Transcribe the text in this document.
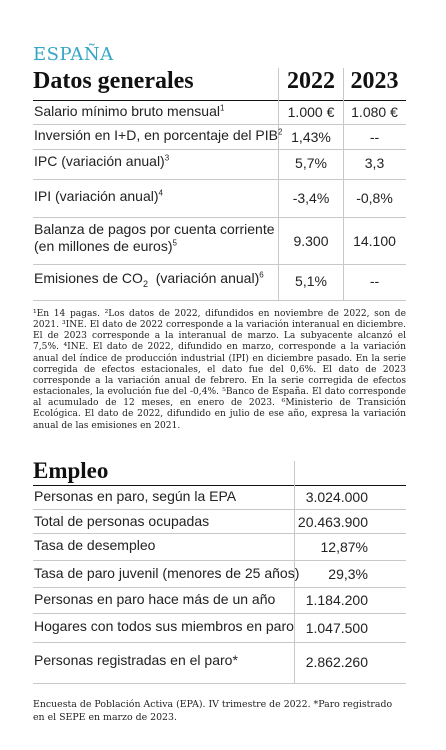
ESPAÑA
Datos generales	2022 2023
Salario mínimo bruto mensual$^1$	1.000 €	1.080 €
Inversión en I+D, en porcentaje del PIB$^2$ 1,43%	--
IPC (variación anual)$^3$	5,7%	3,3
IPI (variación anual)$^4$	-3,4%	-0,8%
Balanza de pagos por cuenta corriente
(en millones de euros)$^5$	9.300	14.100
Emisiones de $CO_2$  (variación anual)$^6$	5,1%	--

¹En 14 pagas. ²Los datos de 2022, difundidos en noviembre de 2022, son de 2021. ³INE. El dato de 2022 corresponde a la variación interanual en diciembre. El de 2023 corresponde a la interanual de marzo. La subyacente alcanzó el 7,5%. ⁴INE. El dato de 2022, difundido en marzo, corresponde a la variación anual del índice de producción industrial (IPI) en diciembre pasado. En la serie corregida de efectos estacionales, el dato fue del 0,6%. El dato de 2023 corresponde a la variación anual de febrero. En la serie corregida de efectos estacionales, la evolución fue del -0,4%. ⁵Banco de España. El dato corresponde al acumulado de 12 meses, en enero de 2023. ⁶Ministerio de Transición Ecológica. El dato de 2022, difundido en julio de ese año, expresa la variación anual de las emisiones en 2021.

Empleo
Personas en paro, según la EPA	3.024.000
Total de personas ocupadas	20.463.900
Tasa de desempleo	12,87%
Tasa de paro juvenil (menores de 25 años) 29,3%
Personas en paro hace más de un año 1.184.200
Hogares con todos sus miembros en paro 1.047.500
Personas registradas en el paro*	2.862.260

Encuesta de Población Activa (EPA). IV trimestre de 2022. *Paro registrado en el SEPE en marzo de 2023.
